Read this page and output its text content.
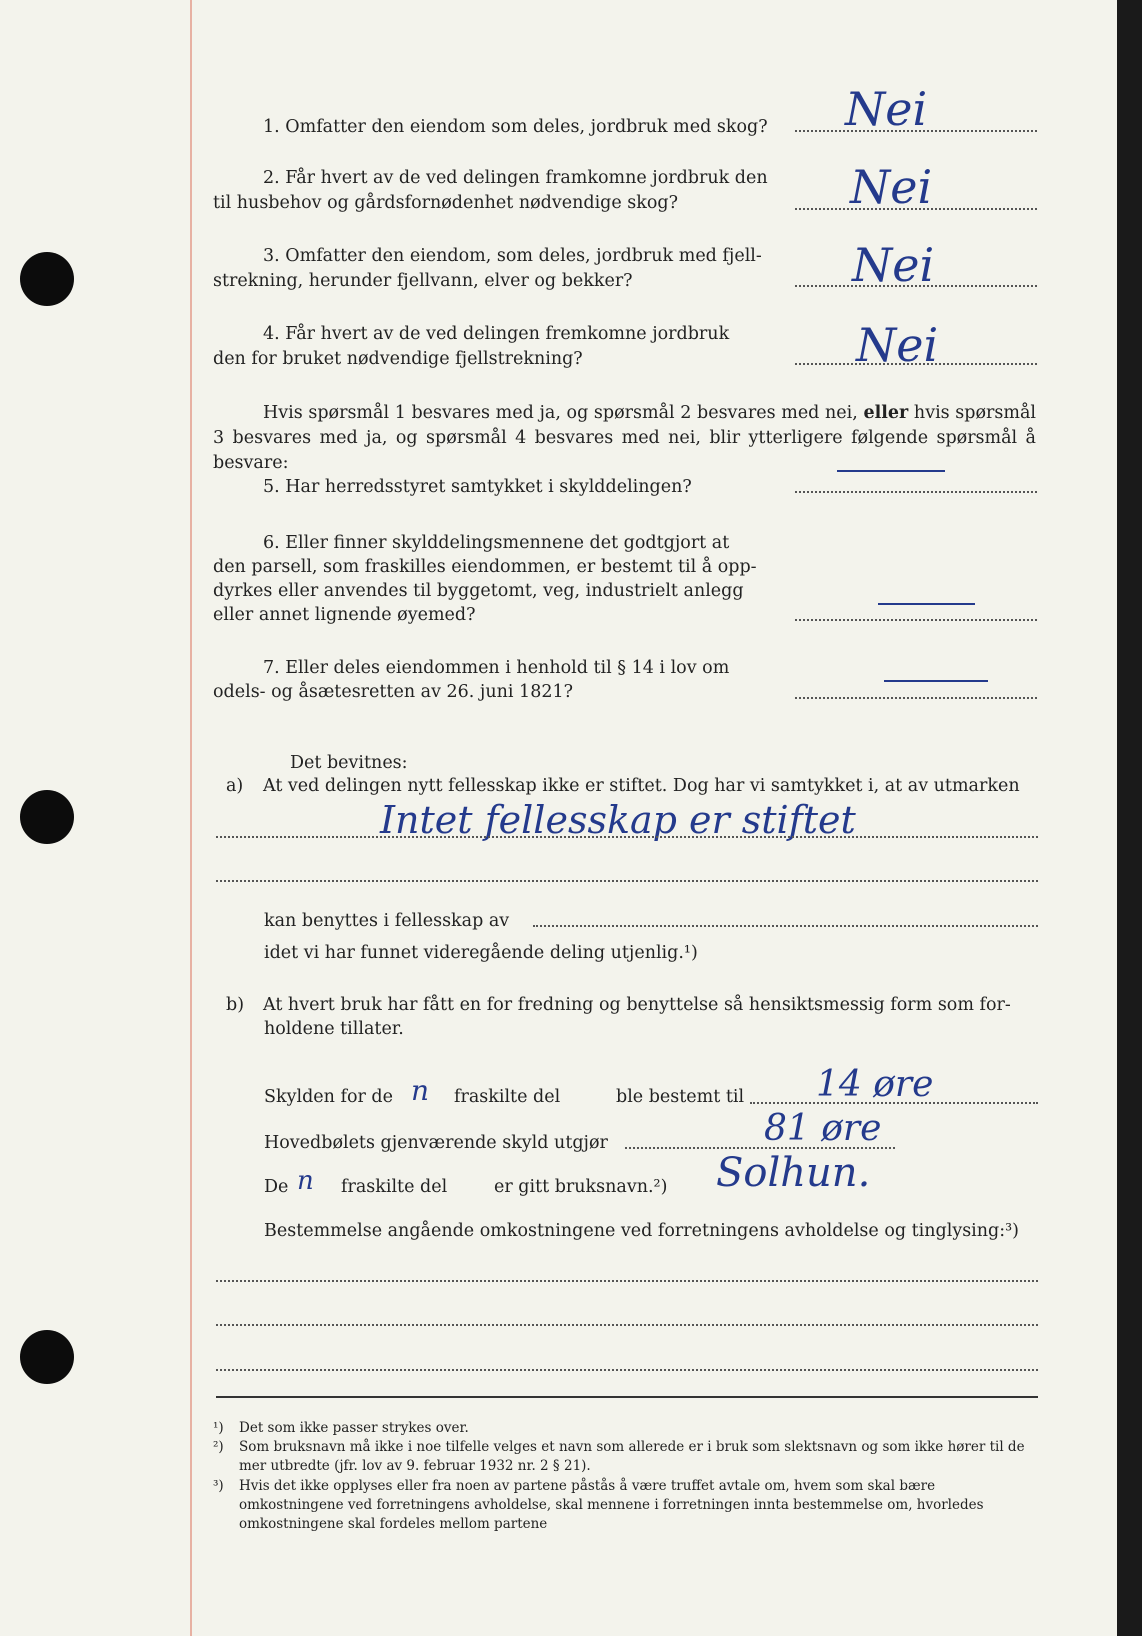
1. Omfatter den eiendom som deles, jordbruk med skog? Nei
2. Får hvert av de ved delingen framkomne jordbruk den
til husbehov og gårdsfornødenhet nødvendige skog?	Nei
3. Omfatter den eiendom, som deles, jordbruk med fjell-
strekning, herunder fjellvann, elver og bekker?	Nei
4. Får hvert av de ved delingen fremkomne jordbruk
den for bruket nødvendige fjellstrekning?	Nei
Hvis spørsmål 1 besvares med ja, og spørsmål 2 besvares med nei, eller hvis spørsmål 3 besvares med ja, og spørsmål 4 besvares med nei, blir ytterligere følgende spørsmål å besvare:
5. Har herredsstyret samtykket i skylddelingen?
6. Eller finner skylddelingsmennene det godtgjort at
den parsell, som fraskilles eiendommen, er bestemt til å opp-
dyrkes eller anvendes til byggetomt, veg, industrielt anlegg
eller annet lignende øyemed?
7. Eller deles eiendommen i henhold til § 14 i lov om
odels- og åsætesretten av 26. juni 1821?
Det bevitnes:
a) At ved delingen nytt fellesskap ikke er stiftet. Dog har vi samtykket i, at av utmarken
Intet fellesskap er stiftet
kan benyttes i fellesskap av
idet vi har funnet videregående deling utjenlig.¹)
b) At hvert bruk har fått en for fredning og benyttelse så hensiktsmessig form som for-
holdene tillater.
Skylden for de n fraskilte del	ble bestemt til 14 øre
Hovedbølets gjenværende skyld utgjør	81 øre
De n fraskilte del	er gitt bruksnavn.²) Solhun.
Bestemmelse angående omkostningene ved forretningens avholdelse og tinglysing:³)
¹) Det som ikke passer strykes over.
²) Som bruksnavn må ikke i noe tilfelle velges et navn som allerede er i bruk som slektsnavn og som ikke hører til de mer utbredte (jfr. lov av 9. februar 1932 nr. 2 § 21).
³) Hvis det ikke opplyses eller fra noen av partene påstås å være truffet avtale om, hvem som skal bære omkostningene ved forretningens avholdelse, skal mennene i forretningen innta bestemmelse om, hvorledes omkostningene skal fordeles mellom partene
